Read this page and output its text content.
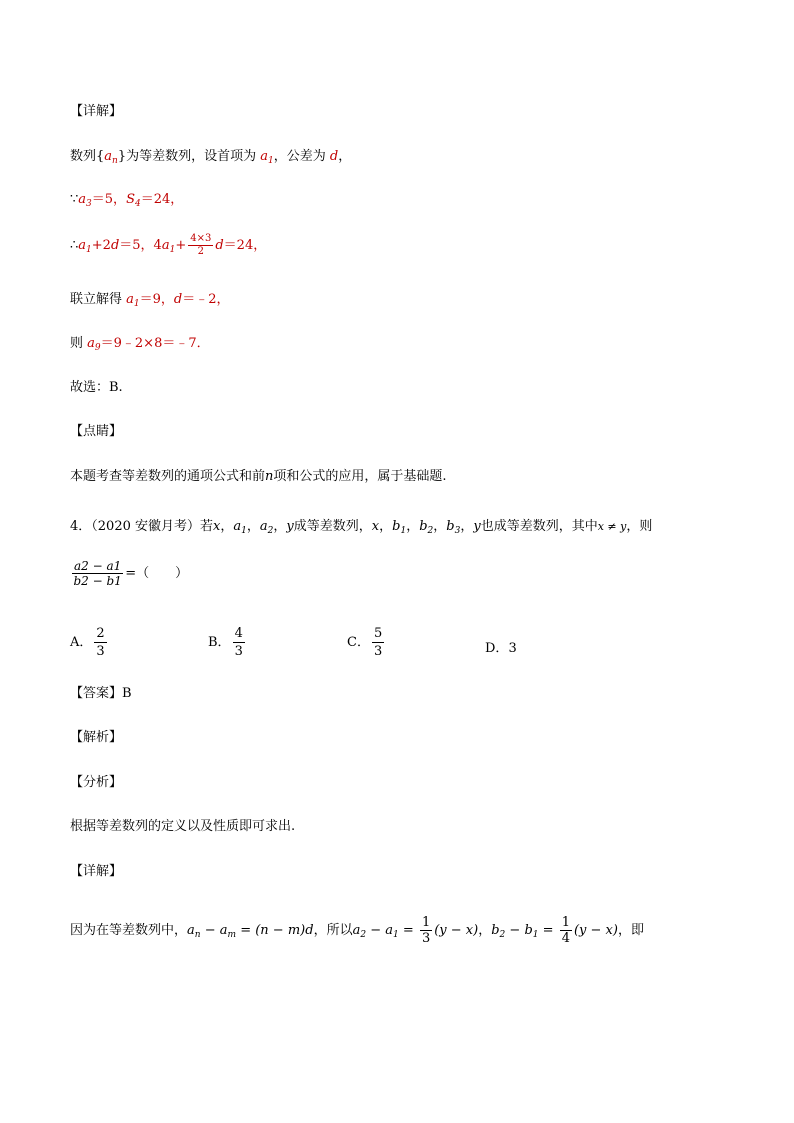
【详解】
数列$\{a_n\}$为等差数列，设首项为 $a_1$，公差为 d，
$\because a_3=5$，$S_4=24$，
$\therefore a_1+2d=5$，$4a_1+ \frac{4\times 3}{2} d=24$，
联立解得 $a_1=9$，d＝﹣2，
则 $a_9=9﹣2\times 8=﹣7$．
故选：B.
【点睛】
本题考查等差数列的通项公式和前n项和公式的应用，属于基础题.
4．（2020 安徽月考）若x，$a_1$，$a_2$，y成等差数列，x，$b_1$，$b_2$，$b_3$，y也成等差数列，其中x ≠ y，则
$\frac{a2 - a1}{b2 - b1}$ =（　　）
A． $\frac{2}{3}$	B． $\frac{4}{3}$	C． $\frac{5}{3}$	D．3
【答案】B
【解析】
【分析】
根据等差数列的定义以及性质即可求出.
【详解】
因为在等差数列中，$a_n - a_m = (n - m)d$，所以$a_2 - a_1 = \frac{1}{3} (y - x)$，$b_2 - b_1 = \frac{1}{4} (y - x)$，即
